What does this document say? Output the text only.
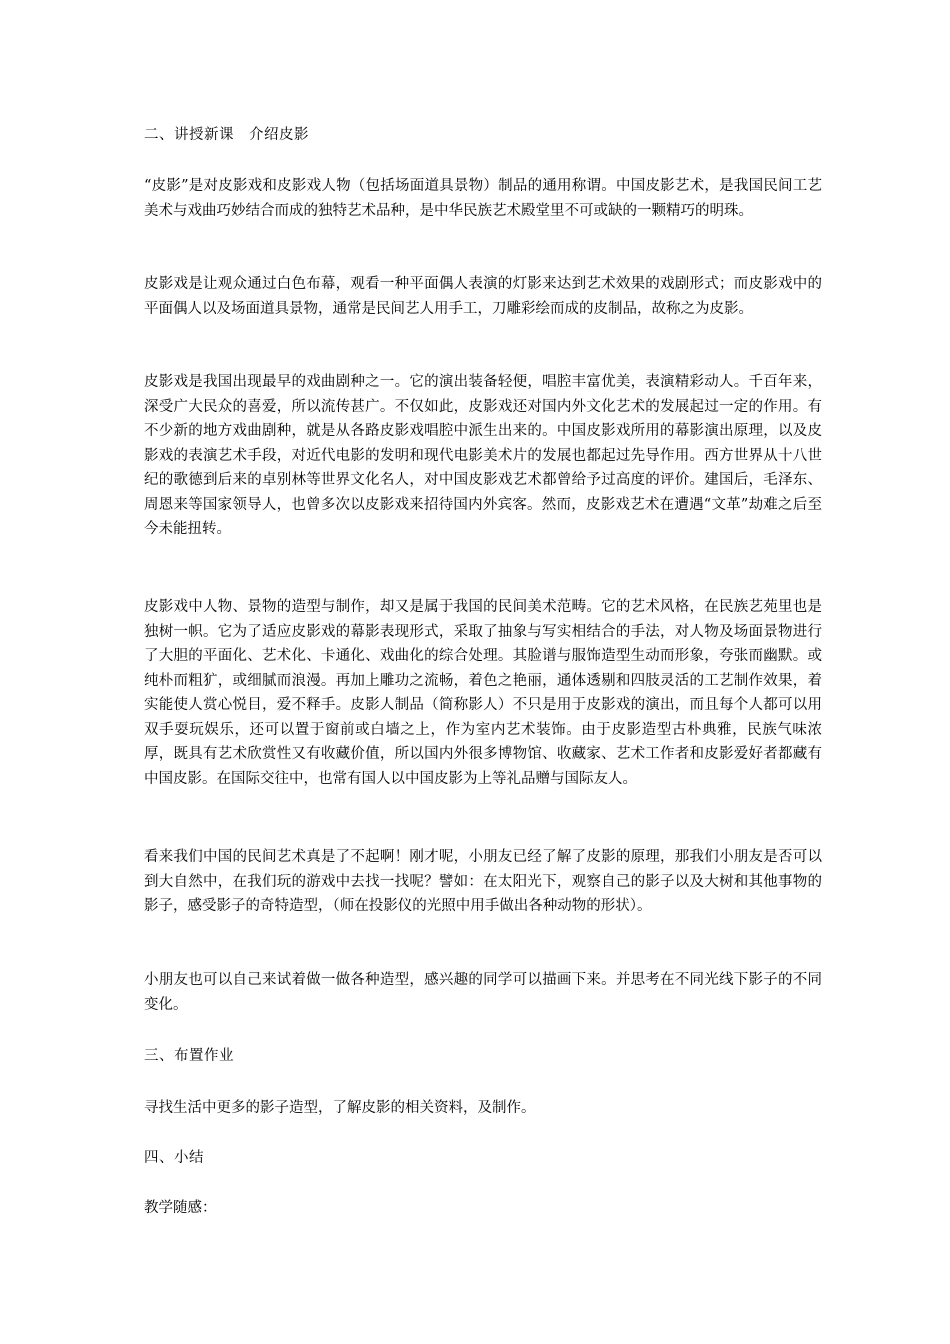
二、讲授新课　介绍皮影

“皮影”是对皮影戏和皮影戏人物（包括场面道具景物）制品的通用称谓。中国皮影艺术，是我国民间工艺美术与戏曲巧妙结合而成的独特艺术品种，是中华民族艺术殿堂里不可或缺的一颗精巧的明珠。

皮影戏是让观众通过白色布幕，观看一种平面偶人表演的灯影来达到艺术效果的戏剧形式；而皮影戏中的平面偶人以及场面道具景物，通常是民间艺人用手工，刀雕彩绘而成的皮制品，故称之为皮影。

皮影戏是我国出现最早的戏曲剧种之一。它的演出装备轻便，唱腔丰富优美，表演精彩动人。千百年来，深受广大民众的喜爱，所以流传甚广。不仅如此，皮影戏还对国内外文化艺术的发展起过一定的作用。有不少新的地方戏曲剧种，就是从各路皮影戏唱腔中派生出来的。中国皮影戏所用的幕影演出原理，以及皮影戏的表演艺术手段，对近代电影的发明和现代电影美术片的发展也都起过先导作用。西方世界从十八世纪的歌德到后来的卓别林等世界文化名人，对中国皮影戏艺术都曾给予过高度的评价。建国后，毛泽东、周恩来等国家领导人，也曾多次以皮影戏来招待国内外宾客。然而，皮影戏艺术在遭遇“文革”劫难之后至今未能扭转。

皮影戏中人物、景物的造型与制作，却又是属于我国的民间美术范畴。它的艺术风格，在民族艺苑里也是独树一帜。它为了适应皮影戏的幕影表现形式，采取了抽象与写实相结合的手法，对人物及场面景物进行了大胆的平面化、艺术化、卡通化、戏曲化的综合处理。其脸谱与服饰造型生动而形象，夸张而幽默。或纯朴而粗犷，或细腻而浪漫。再加上雕功之流畅，着色之艳丽，通体透剔和四肢灵活的工艺制作效果，着实能使人赏心悦目，爱不释手。皮影人制品（简称影人）不只是用于皮影戏的演出，而且每个人都可以用双手耍玩娱乐，还可以置于窗前或白墙之上，作为室内艺术装饰。由于皮影造型古朴典雅，民族气味浓厚，既具有艺术欣赏性又有收藏价值，所以国内外很多博物馆、收藏家、艺术工作者和皮影爱好者都藏有中国皮影。在国际交往中，也常有国人以中国皮影为上等礼品赠与国际友人。

看来我们中国的民间艺术真是了不起啊！刚才呢，小朋友已经了解了皮影的原理，那我们小朋友是否可以到大自然中，在我们玩的游戏中去找一找呢？譬如：在太阳光下，观察自己的影子以及大树和其他事物的影子，感受影子的奇特造型，（师在投影仪的光照中用手做出各种动物的形状）。

小朋友也可以自己来试着做一做各种造型，感兴趣的同学可以描画下来。并思考在不同光线下影子的不同变化。

三、布置作业

寻找生活中更多的影子造型，了解皮影的相关资料，及制作。

四、小结

教学随感：
